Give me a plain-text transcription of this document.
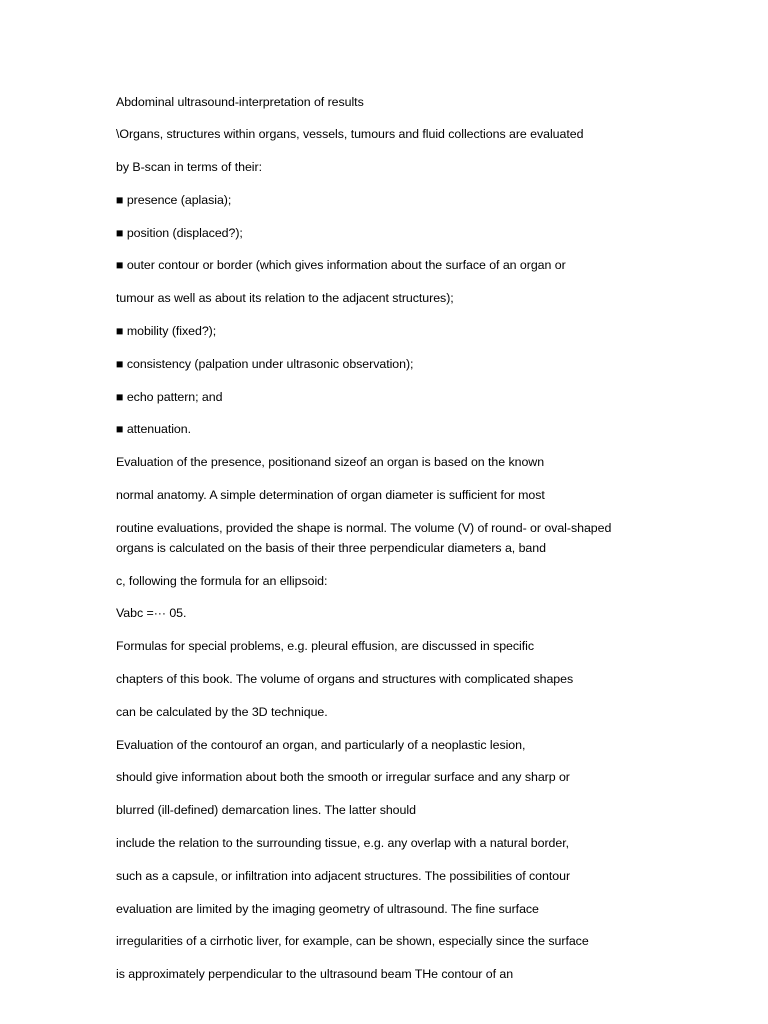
Abdominal ultrasound-interpretation of results
\Organs, structures within organs, vessels, tumours and fluid collections are evaluated
by B-scan in terms of their:
■ presence (aplasia);
■ position (displaced?);
■ outer contour or border (which gives information about the surface of an organ or
tumour as well as about its relation to the adjacent structures);
■ mobility (fixed?);
■ consistency (palpation under ultrasonic observation);
■ echo pattern; and
■ attenuation.
Evaluation of the presence, positionand sizeof an organ is based on the known
normal anatomy. A simple determination of organ diameter is sufficient for most
routine evaluations, provided the shape is normal. The volume (V) of round- or oval-shaped
organs is calculated on the basis of their three perpendicular diameters a, band
c, following the formula for an ellipsoid:
Vabc =··· 05.
Formulas for special problems, e.g. pleural effusion, are discussed in specific
chapters of this book. The volume of organs and structures with complicated shapes
can be calculated by the 3D technique.
Evaluation of the contourof an organ, and particularly of a neoplastic lesion,
should give information about both the smooth or irregular surface and any sharp or
blurred (ill-defined) demarcation lines. The latter should
include the relation to the surrounding tissue, e.g. any overlap with a natural border,
such as a capsule, or infiltration into adjacent structures. The possibilities of contour
evaluation are limited by the imaging geometry of ultrasound. The fine surface
irregularities of a cirrhotic liver, for example, can be shown, especially since the surface
is approximately perpendicular to the ultrasound beam THe contour of an
